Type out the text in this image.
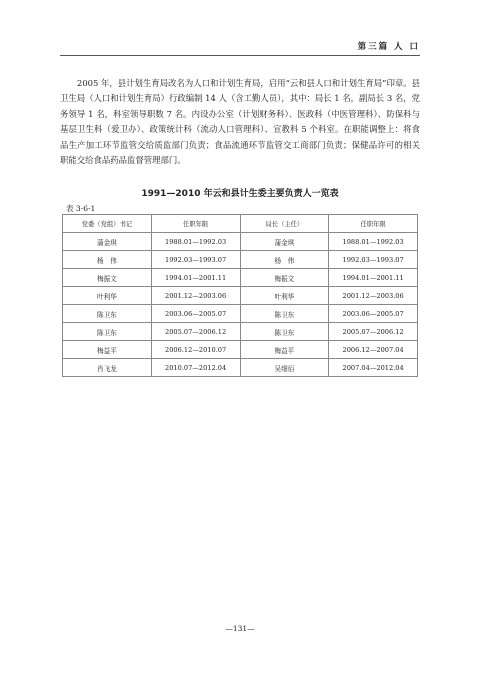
第三篇 人 口

2005 年，县计划生育局改名为人口和计划生育局，启用“云和县人口和计划生育局”印章。县卫生局（人口和计划生育局）行政编制 14 人（含工勤人员），其中：局长 1 名，副局长 3 名，党务领导 1 名，科室领导职数 7 名。内设办公室（计划财务科）、医政科（中医管理科）、防保科与基层卫生科（爱卫办）、政策统计科（流动人口管理科）、宣教科 5 个科室。在职能调整上：将食品生产加工环节监管交给质监部门负责；食品流通环节监管交工商部门负责；保健品许可的相关职能交给食品药品监督管理部门。

1991—2010 年云和县计生委主要负责人一览表
表 3-6-1
党委（党组）书记	任职年限	局长（主任）	任职年限
蒲金琪	1988.01—1992.03	蒲金琪	1988.01—1992.03
杨　伟	1992.03—1993.07	杨　伟	1992.03—1993.07
梅振文	1994.01—2001.11	梅振文	1994.01—2001.11
叶利华	2001.12—2003.06	叶利华	2001.12—2003.06
陈卫东	2003.06—2005.07	陈卫东	2003.06—2005.07
陈卫东	2005.07—2006.12	陈卫东	2005.07—2006.12
梅益平	2006.12—2010.07	梅益平	2006.12—2007.04
肖飞龙	2010.07—2012.04	吴细佰	2007.04—2012.04
—131—
